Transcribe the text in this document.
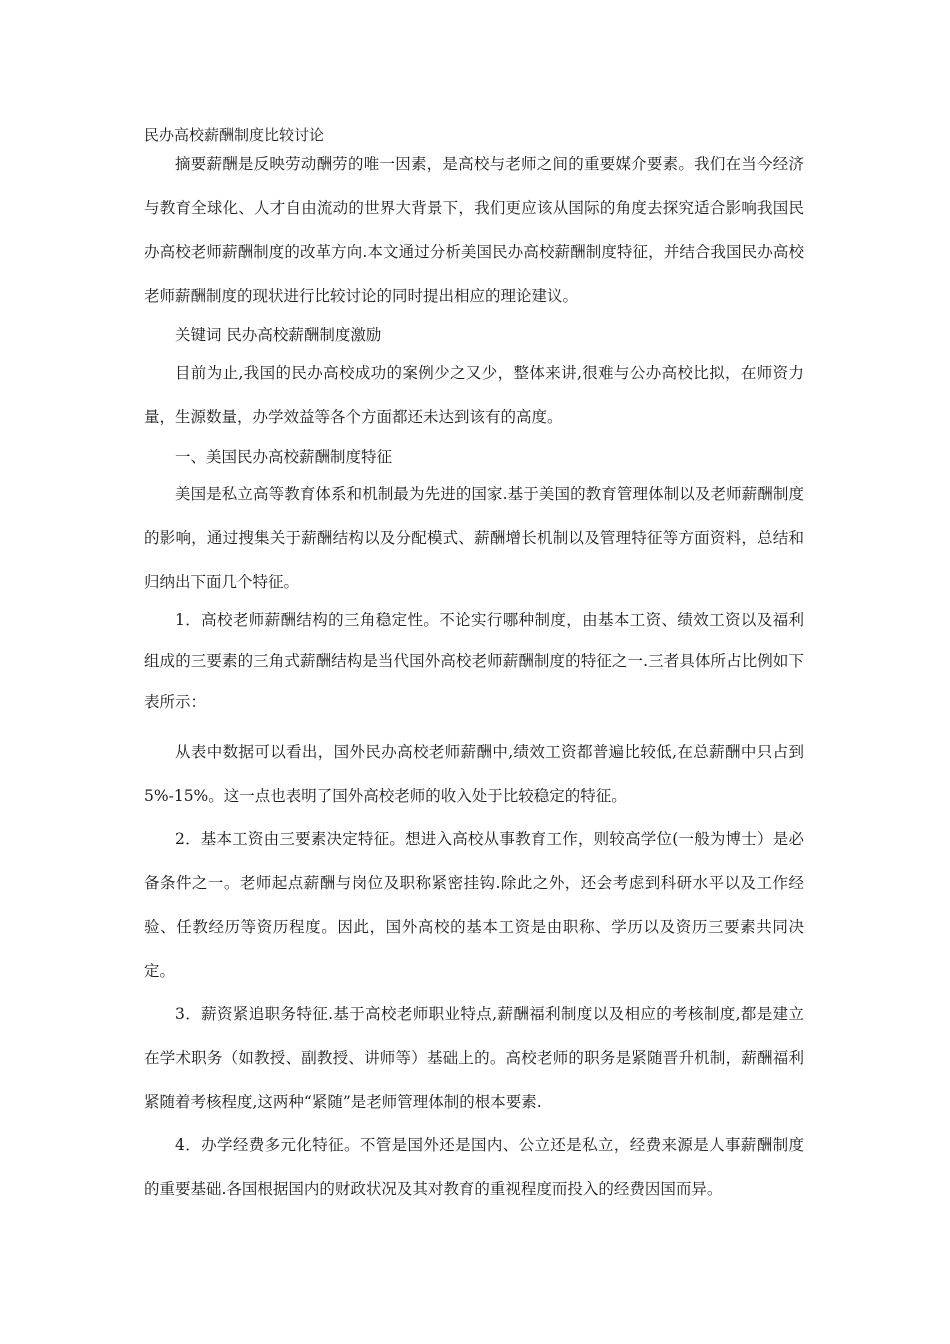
民办高校薪酬制度比较讨论

摘要薪酬是反映劳动酬劳的唯一因素，是高校与老师之间的重要媒介要素。我们在当今经济与教育全球化、人才自由流动的世界大背景下，我们更应该从国际的角度去探究适合影响我国民办高校老师薪酬制度的改革方向.本文通过分析美国民办高校薪酬制度特征，并结合我国民办高校老师薪酬制度的现状进行比较讨论的同时提出相应的理论建议。

关键词 民办高校薪酬制度激励

目前为止,我国的民办高校成功的案例少之又少，整体来讲,很难与公办高校比拟，在师资力量，生源数量，办学效益等各个方面都还未达到该有的高度。

一、美国民办高校薪酬制度特征

美国是私立高等教育体系和机制最为先进的国家.基于美国的教育管理体制以及老师薪酬制度的影响，通过搜集关于薪酬结构以及分配模式、薪酬增长机制以及管理特征等方面资料，总结和归纳出下面几个特征。

1．高校老师薪酬结构的三角稳定性。不论实行哪种制度，由基本工资、绩效工资以及福利组成的三要素的三角式薪酬结构是当代国外高校老师薪酬制度的特征之一.三者具体所占比例如下表所示：

从表中数据可以看出，国外民办高校老师薪酬中,绩效工资都普遍比较低,在总薪酬中只占到5%-15%。这一点也表明了国外高校老师的收入处于比较稳定的特征。

2．基本工资由三要素决定特征。想进入高校从事教育工作，则较高学位(一般为博士）是必备条件之一。老师起点薪酬与岗位及职称紧密挂钩.除此之外，还会考虑到科研水平以及工作经验、任教经历等资历程度。因此，国外高校的基本工资是由职称、学历以及资历三要素共同决定。

3．薪资紧追职务特征.基于高校老师职业特点,薪酬福利制度以及相应的考核制度,都是建立在学术职务（如教授、副教授、讲师等）基础上的。高校老师的职务是紧随晋升机制，薪酬福利紧随着考核程度,这两种“紧随”是老师管理体制的根本要素.

4．办学经费多元化特征。不管是国外还是国内、公立还是私立，经费来源是人事薪酬制度的重要基础.各国根据国内的财政状况及其对教育的重视程度而投入的经费因国而异。
